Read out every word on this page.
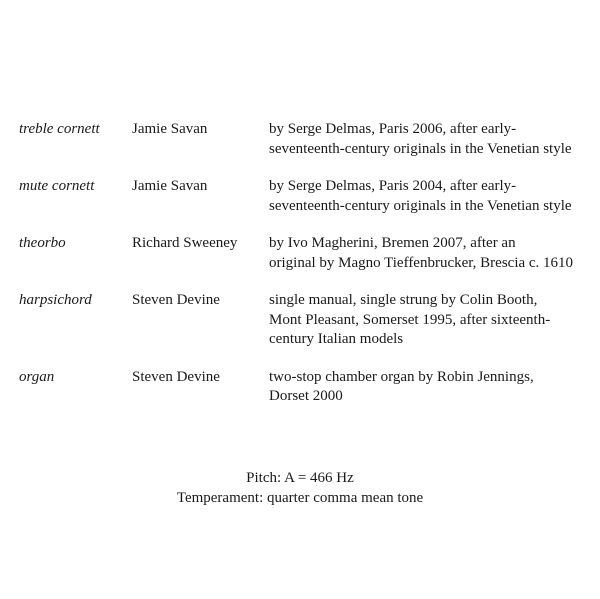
treble cornett	Jamie Savan	by Serge Delmas, Paris 2006, after early-
seventeenth-century originals in the Venetian style
mute cornett	Jamie Savan	by Serge Delmas, Paris 2004, after early-
seventeenth-century originals in the Venetian style
theorbo	Richard Sweeney	by Ivo Magherini, Bremen 2007, after an
original by Magno Tieffenbrucker, Brescia c. 1610
harpsichord	Steven Devine	single manual, single strung by Colin Booth,
Mont Pleasant, Somerset 1995, after sixteenth-
century Italian models
organ	Steven Devine	two-stop chamber organ by Robin Jennings,
Dorset 2000
Pitch: A = 466 Hz
Temperament: quarter comma mean tone
